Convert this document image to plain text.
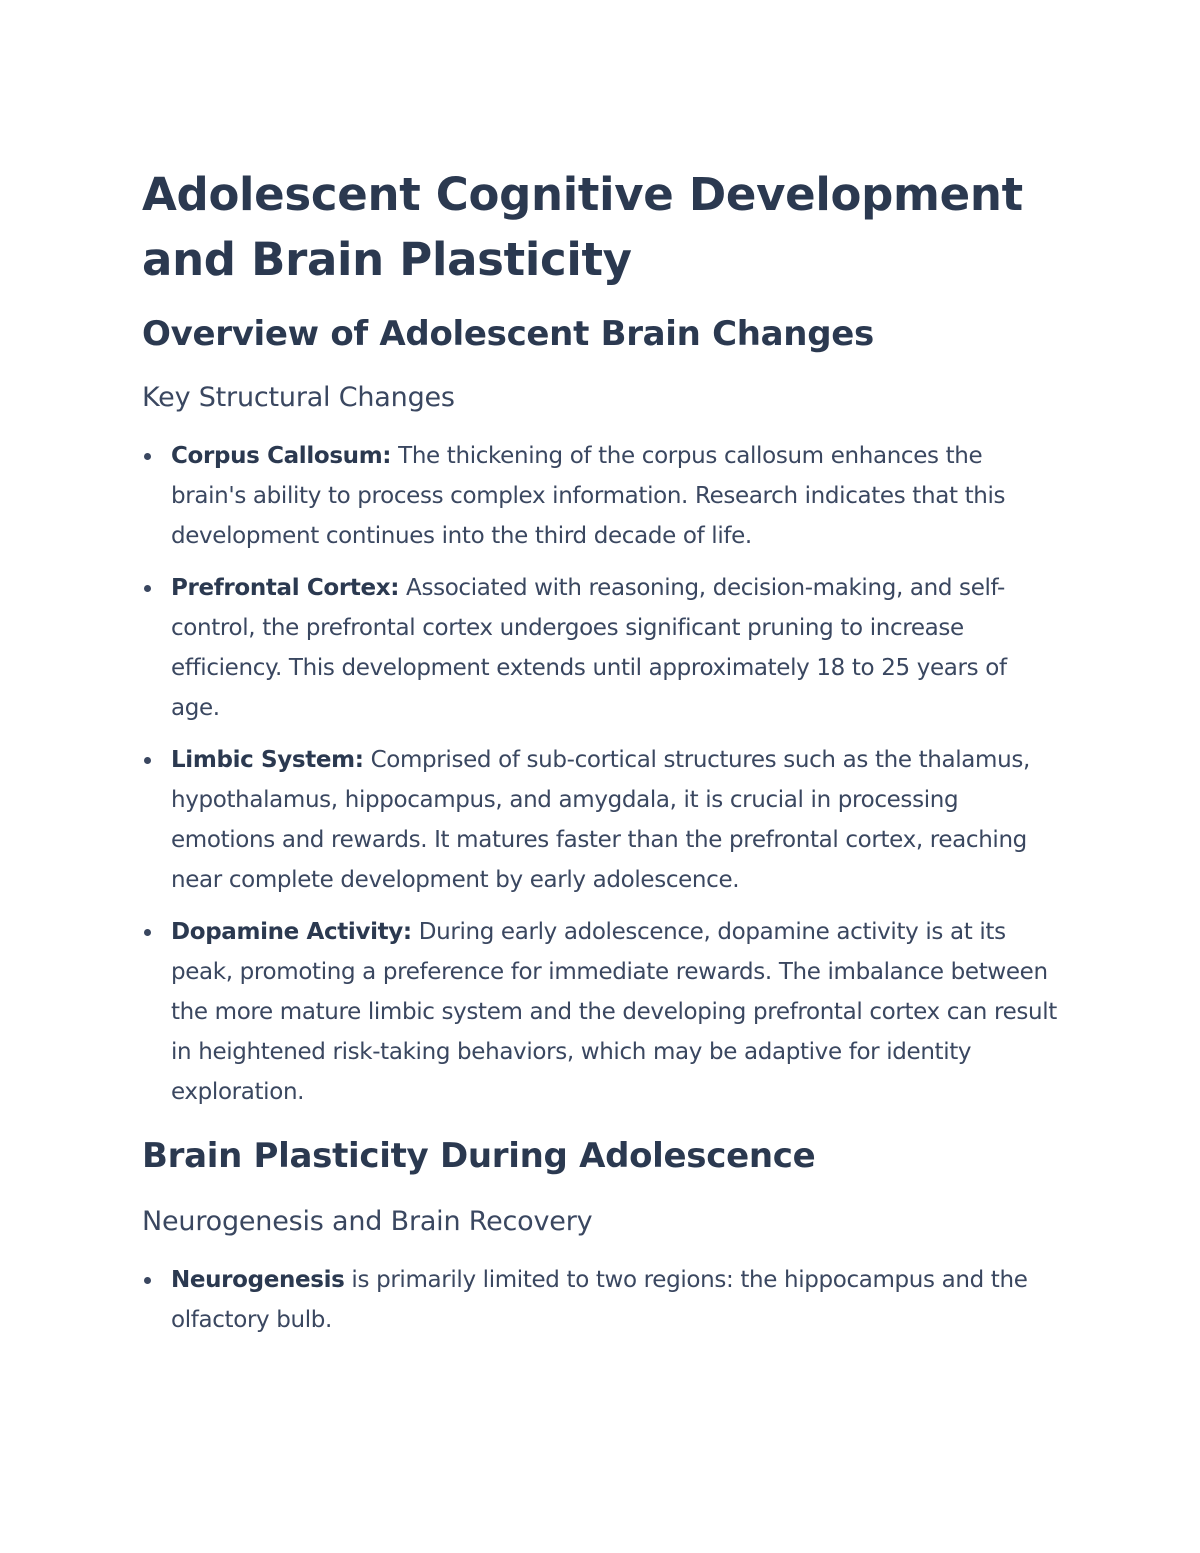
Adolescent Cognitive Development and Brain Plasticity
Overview of Adolescent Brain Changes
Key Structural Changes
Corpus Callosum: The thickening of the corpus callosum enhances the brain's ability to process complex information. Research indicates that this development continues into the third decade of life.
Prefrontal Cortex: Associated with reasoning, decision-making, and self-control, the prefrontal cortex undergoes significant pruning to increase efficiency. This development extends until approximately 18 to 25 years of age.
Limbic System: Comprised of sub-cortical structures such as the thalamus, hypothalamus, hippocampus, and amygdala, it is crucial in processing emotions and rewards. It matures faster than the prefrontal cortex, reaching near complete development by early adolescence.
Dopamine Activity: During early adolescence, dopamine activity is at its peak, promoting a preference for immediate rewards. The imbalance between the more mature limbic system and the developing prefrontal cortex can result in heightened risk-taking behaviors, which may be adaptive for identity exploration.
Brain Plasticity During Adolescence
Neurogenesis and Brain Recovery
Neurogenesis is primarily limited to two regions: the hippocampus and the olfactory bulb.
